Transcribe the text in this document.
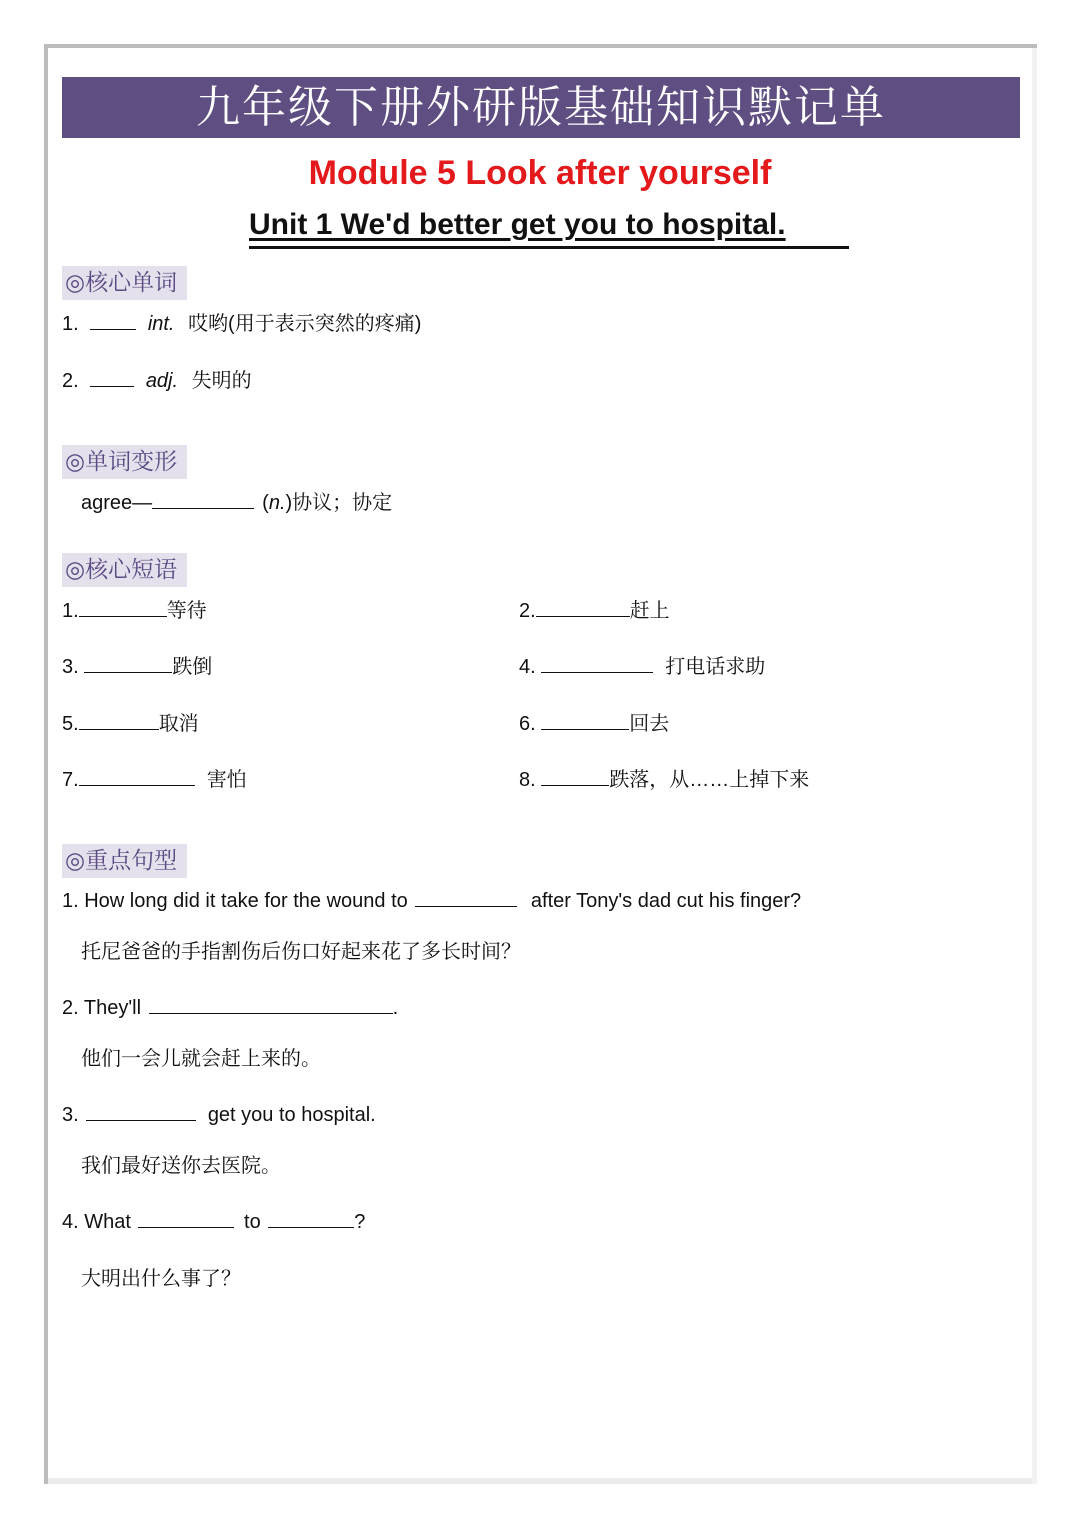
九年级下册外研版基础知识默记单
Module 5 Look after yourself
Unit 1 We'd better get you to hospital.
◎核心单词
1.	int. 哎哟(用于表示突然的疼痛)
2.	adj. 失明的
◎单词变形
agree—	(n.)协议；协定
◎核心短语
1.	等待	2.	赶上
3.	跌倒	4.	打电话求助
5.	取消	6.	回去
7.	害怕	8.	跌落，从……上掉下来
◎重点句型
1. How long did it take for the wound to	after Tony's dad cut his finger?
托尼爸爸的手指割伤后伤口好起来花了多长时间？
2. They'll	.
他们一会儿就会赶上来的。
3.	get you to hospital.
我们最好送你去医院。
4. What	to	?
大明出什么事了？
